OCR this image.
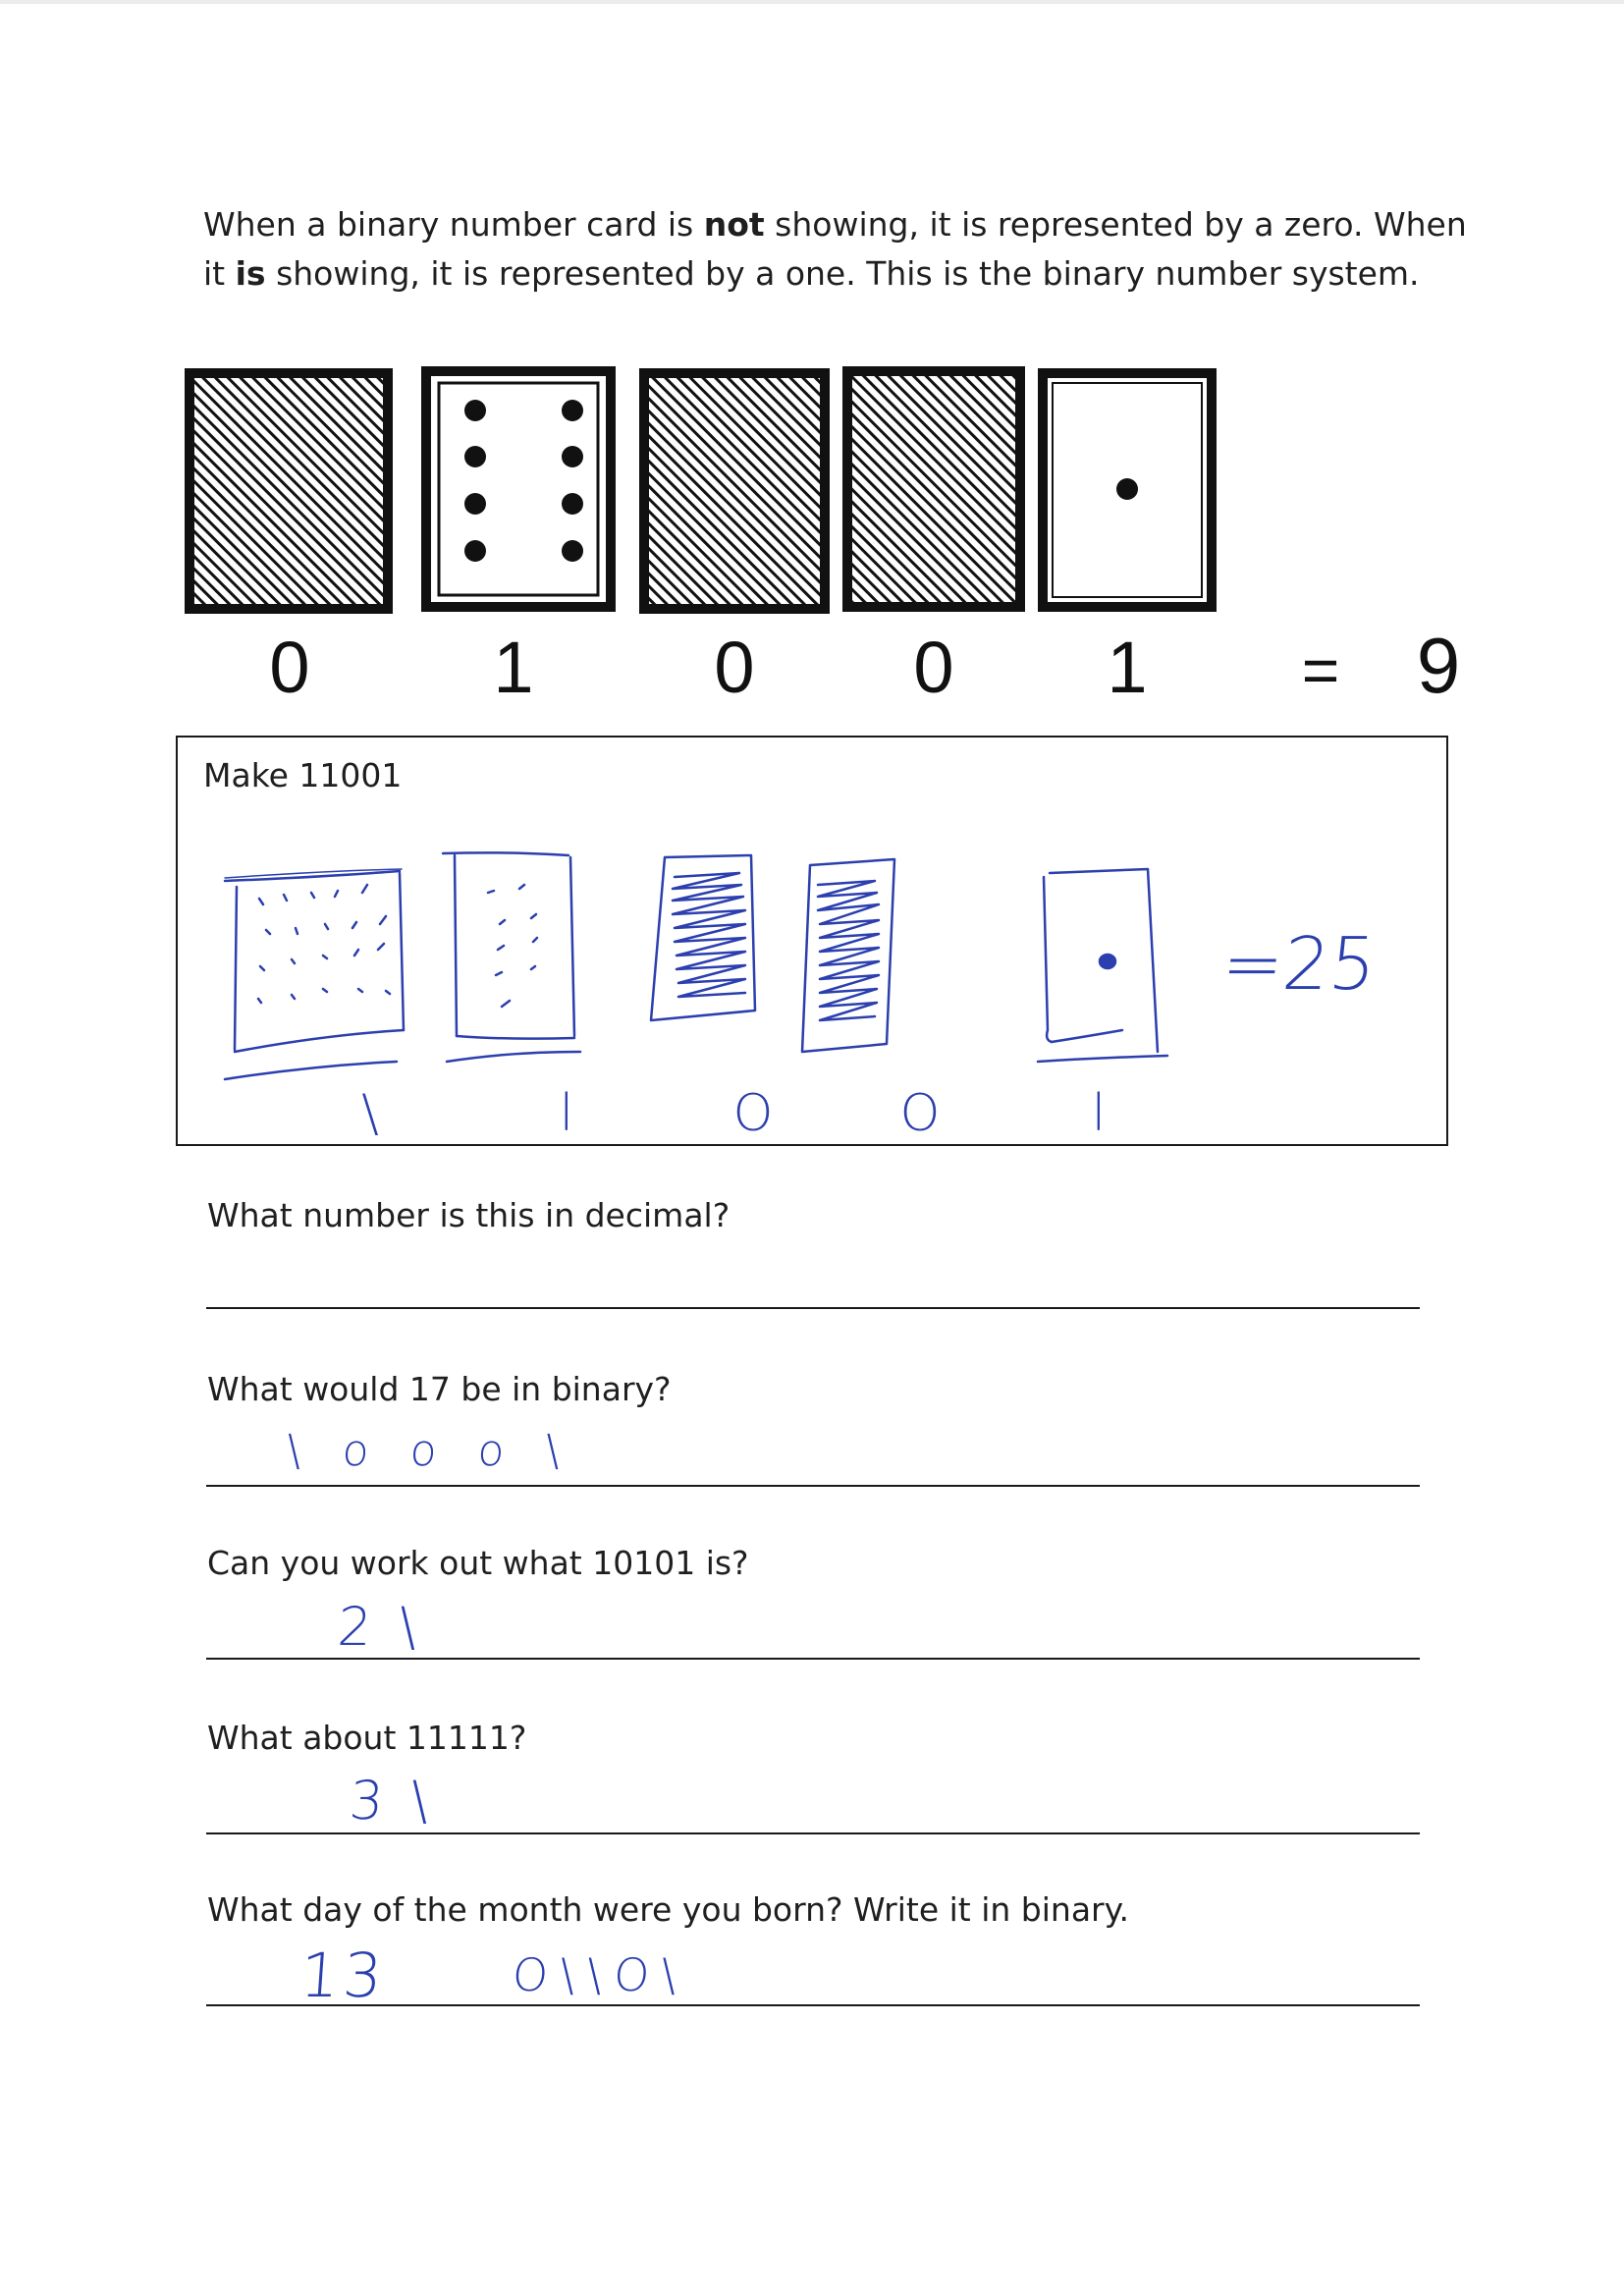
When a binary number card is not showing, it is represented by a zero. When it is showing, it is represented by a one. This is the binary number system.
0	1 0 0 1 = 9
Make 11001
=25
\	l	O O	l
What number is this in decimal?
What would 17 be in binary?
\ o o o \
Can you work out what 10101 is?
2\
What about 11111?
3\
What day of the month were you born? Write it in binary.
13	O\\O\
